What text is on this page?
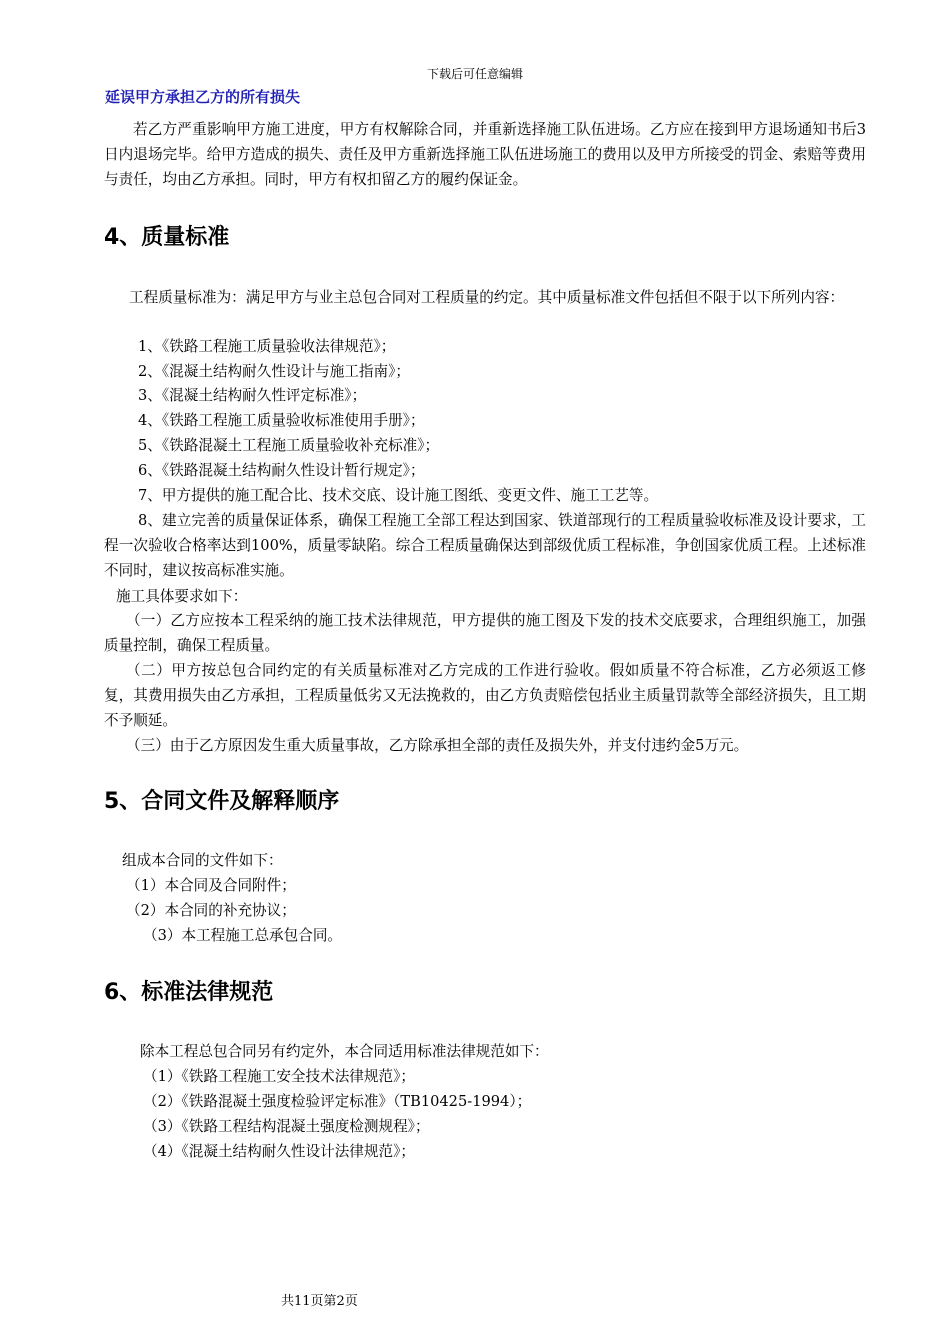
下载后可任意编辑
延误甲方承担乙方的所有损失
若乙方严重影响甲方施工进度，甲方有权解除合同，并重新选择施工队伍进场。乙方应在接到甲方退场通知书后3日内退场完毕。给甲方造成的损失、责任及甲方重新选择施工队伍进场施工的费用以及甲方所接受的罚金、索赔等费用与责任，均由乙方承担。同时，甲方有权扣留乙方的履约保证金。
4、质量标准
工程质量标准为：满足甲方与业主总包合同对工程质量的约定。其中质量标准文件包括但不限于以下所列内容：
1、《铁路工程施工质量验收法律规范》；
2、《混凝土结构耐久性设计与施工指南》；
3、《混凝土结构耐久性评定标准》；
4、《铁路工程施工质量验收标准使用手册》；
5、《铁路混凝土工程施工质量验收补充标准》；
6、《铁路混凝土结构耐久性设计暂行规定》；
7、甲方提供的施工配合比、技术交底、设计施工图纸、变更文件、施工工艺等。
8、建立完善的质量保证体系，确保工程施工全部工程达到国家、铁道部现行的工程质量验收标准及设计要求，工程一次验收合格率达到100%，质量零缺陷。综合工程质量确保达到部级优质工程标准，争创国家优质工程。上述标准不同时，建议按高标准实施。
施工具体要求如下：
（一）乙方应按本工程采纳的施工技术法律规范，甲方提供的施工图及下发的技术交底要求，合理组织施工，加强质量控制，确保工程质量。
（二）甲方按总包合同约定的有关质量标准对乙方完成的工作进行验收。假如质量不符合标准，乙方必须返工修复，其费用损失由乙方承担，工程质量低劣又无法挽救的，由乙方负责赔偿包括业主质量罚款等全部经济损失，且工期不予顺延。
（三）由于乙方原因发生重大质量事故，乙方除承担全部的责任及损失外，并支付违约金5万元。
5、合同文件及解释顺序
组成本合同的文件如下：
（1）本合同及合同附件；
（2）本合同的补充协议；
（3）本工程施工总承包合同。
6、标准法律规范
除本工程总包合同另有约定外，本合同适用标准法律规范如下：
（1）《铁路工程施工安全技术法律规范》；
（2）《铁路混凝土强度检验评定标准》（TB10425-1994）；
（3）《铁路工程结构混凝土强度检测规程》；
（4）《混凝土结构耐久性设计法律规范》；
共11页第2页
